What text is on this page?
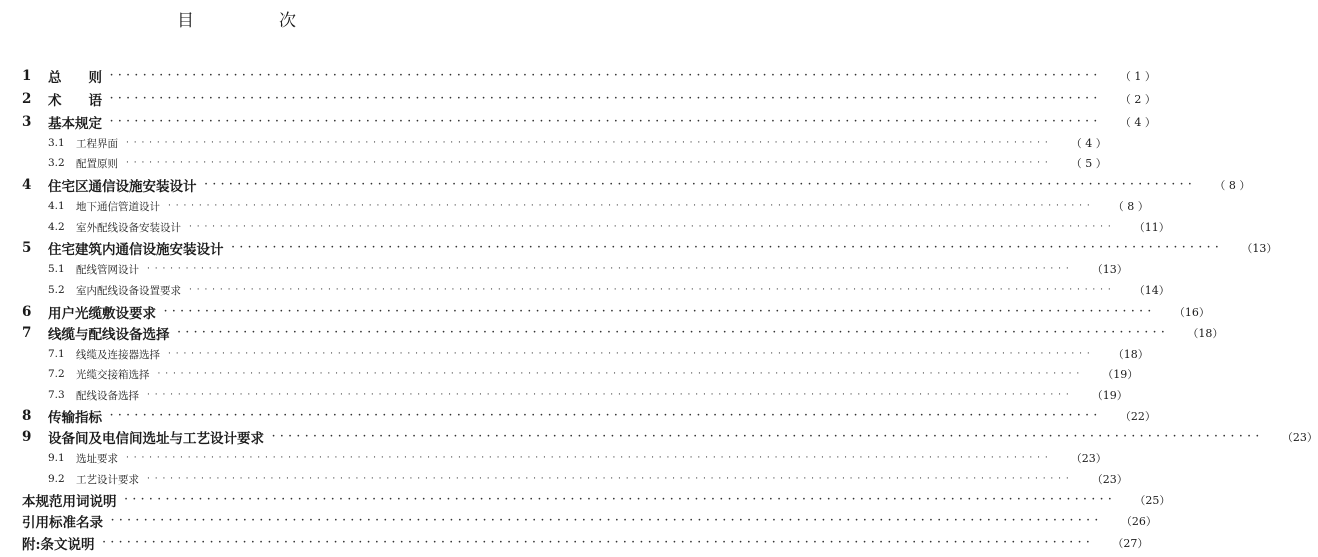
目　次
1	总　　则 · · · · · · · · · · · · · · · · · · · · · · · · · · · · · · · · · · · · · · · · · · · · · · · · · · · · · · · · · · · · · · · · · · · · · · · · · · · · · · · · · · · · · · · · · · · · · · · · · · · · · · · · · · · · · · · · · · · · · · · ·	（ 1 ）
2	术　　语 · · · · · · · · · · · · · · · · · · · · · · · · · · · · · · · · · · · · · · · · · · · · · · · · · · · · · · · · · · · · · · · · · · · · · · · · · · · · · · · · · · · · · · · · · · · · · · · · · · · · · · · · · · · · · · · · · · · · · · · ·	（ 2 ）
3	基本规定 · · · · · · · · · · · · · · · · · · · · · · · · · · · · · · · · · · · · · · · · · · · · · · · · · · · · · · · · · · · · · · · · · · · · · · · · · · · · · · · · · · · · · · · · · · · · · · · · · · · · · · · · · · · · · · · · · · · · · · · ·	（ 4 ）
3.1	工程界面 · · · · · · · · · · · · · · · · · · · · · · · · · · · · · · · · · · · · · · · · · · · · · · · · · · · · · · · · · · · · · · · · · · · · · · · · · · · · · · · · · · · · · · · · · · · · · · · · · · · · · · · · · · · · · · · · · · · · · · · ·	（ 4 ）
3.2	配置原则 · · · · · · · · · · · · · · · · · · · · · · · · · · · · · · · · · · · · · · · · · · · · · · · · · · · · · · · · · · · · · · · · · · · · · · · · · · · · · · · · · · · · · · · · · · · · · · · · · · · · · · · · · · · · · · · · · · · · · · · ·	（ 5 ）
4	住宅区通信设施安装设计 · · · · · · · · · · · · · · · · · · · · · · · · · · · · · · · · · · · · · · · · · · · · · · · · · · · · · · · · · · · · · · · · · · · · · · · · · · · · · · · · · · · · · · · · · · · · · · · · · · · · · · · · · · · · · · · · · · · · · · · ·	（ 8 ）
4.1	地下通信管道设计 · · · · · · · · · · · · · · · · · · · · · · · · · · · · · · · · · · · · · · · · · · · · · · · · · · · · · · · · · · · · · · · · · · · · · · · · · · · · · · · · · · · · · · · · · · · · · · · · · · · · · · · · · · · · · · · · · · · · · · · ·	（ 8 ）
4.2	室外配线设备安装设计 · · · · · · · · · · · · · · · · · · · · · · · · · · · · · · · · · · · · · · · · · · · · · · · · · · · · · · · · · · · · · · · · · · · · · · · · · · · · · · · · · · · · · · · · · · · · · · · · · · · · · · · · · · · · · · · · · · · · · · · ·	（11）
5	住宅建筑内通信设施安装设计 · · · · · · · · · · · · · · · · · · · · · · · · · · · · · · · · · · · · · · · · · · · · · · · · · · · · · · · · · · · · · · · · · · · · · · · · · · · · · · · · · · · · · · · · · · · · · · · · · · · · · · · · · · · · · · · · · · · · · · · ·	（13）
5.1	配线管网设计 · · · · · · · · · · · · · · · · · · · · · · · · · · · · · · · · · · · · · · · · · · · · · · · · · · · · · · · · · · · · · · · · · · · · · · · · · · · · · · · · · · · · · · · · · · · · · · · · · · · · · · · · · · · · · · · · · · · · · · · ·	（13）
5.2	室内配线设备设置要求 · · · · · · · · · · · · · · · · · · · · · · · · · · · · · · · · · · · · · · · · · · · · · · · · · · · · · · · · · · · · · · · · · · · · · · · · · · · · · · · · · · · · · · · · · · · · · · · · · · · · · · · · · · · · · · · · · · · · · · · ·	（14）
6	用户光缆敷设要求 · · · · · · · · · · · · · · · · · · · · · · · · · · · · · · · · · · · · · · · · · · · · · · · · · · · · · · · · · · · · · · · · · · · · · · · · · · · · · · · · · · · · · · · · · · · · · · · · · · · · · · · · · · · · · · · · · · · · · · · ·	（16）
7	线缆与配线设备选择 · · · · · · · · · · · · · · · · · · · · · · · · · · · · · · · · · · · · · · · · · · · · · · · · · · · · · · · · · · · · · · · · · · · · · · · · · · · · · · · · · · · · · · · · · · · · · · · · · · · · · · · · · · · · · · · · · · · · · · · ·	（18）
7.1	线缆及连接器选择 · · · · · · · · · · · · · · · · · · · · · · · · · · · · · · · · · · · · · · · · · · · · · · · · · · · · · · · · · · · · · · · · · · · · · · · · · · · · · · · · · · · · · · · · · · · · · · · · · · · · · · · · · · · · · · · · · · · · · · · ·	（18）
7.2	光缆交接箱选择 · · · · · · · · · · · · · · · · · · · · · · · · · · · · · · · · · · · · · · · · · · · · · · · · · · · · · · · · · · · · · · · · · · · · · · · · · · · · · · · · · · · · · · · · · · · · · · · · · · · · · · · · · · · · · · · · · · · · · · · ·	（19）
7.3	配线设备选择 · · · · · · · · · · · · · · · · · · · · · · · · · · · · · · · · · · · · · · · · · · · · · · · · · · · · · · · · · · · · · · · · · · · · · · · · · · · · · · · · · · · · · · · · · · · · · · · · · · · · · · · · · · · · · · · · · · · · · · · ·	（19）
8	传输指标 · · · · · · · · · · · · · · · · · · · · · · · · · · · · · · · · · · · · · · · · · · · · · · · · · · · · · · · · · · · · · · · · · · · · · · · · · · · · · · · · · · · · · · · · · · · · · · · · · · · · · · · · · · · · · · · · · · · · · · · ·	（22）
9	设备间及电信间选址与工艺设计要求 · · · · · · · · · · · · · · · · · · · · · · · · · · · · · · · · · · · · · · · · · · · · · · · · · · · · · · · · · · · · · · · · · · · · · · · · · · · · · · · · · · · · · · · · · · · · · · · · · · · · · · · · · · · · · · · · · · · · · · · ·	（23）
9.1	选址要求 · · · · · · · · · · · · · · · · · · · · · · · · · · · · · · · · · · · · · · · · · · · · · · · · · · · · · · · · · · · · · · · · · · · · · · · · · · · · · · · · · · · · · · · · · · · · · · · · · · · · · · · · · · · · · · · · · · · · · · · ·	（23）
9.2	工艺设计要求 · · · · · · · · · · · · · · · · · · · · · · · · · · · · · · · · · · · · · · · · · · · · · · · · · · · · · · · · · · · · · · · · · · · · · · · · · · · · · · · · · · · · · · · · · · · · · · · · · · · · · · · · · · · · · · · · · · · · · · · ·	（23）
本规范用词说明 · · · · · · · · · · · · · · · · · · · · · · · · · · · · · · · · · · · · · · · · · · · · · · · · · · · · · · · · · · · · · · · · · · · · · · · · · · · · · · · · · · · · · · · · · · · · · · · · · · · · · · · · · · · · · · · · · · · · · · · ·	（25）
引用标准名录 · · · · · · · · · · · · · · · · · · · · · · · · · · · · · · · · · · · · · · · · · · · · · · · · · · · · · · · · · · · · · · · · · · · · · · · · · · · · · · · · · · · · · · · · · · · · · · · · · · · · · · · · · · · · · · · · · · · · · · · ·	（26）
附:条文说明 · · · · · · · · · · · · · · · · · · · · · · · · · · · · · · · · · · · · · · · · · · · · · · · · · · · · · · · · · · · · · · · · · · · · · · · · · · · · · · · · · · · · · · · · · · · · · · · · · · · · · · · · · · · · · · · · · · · · · · · ·	（27）
